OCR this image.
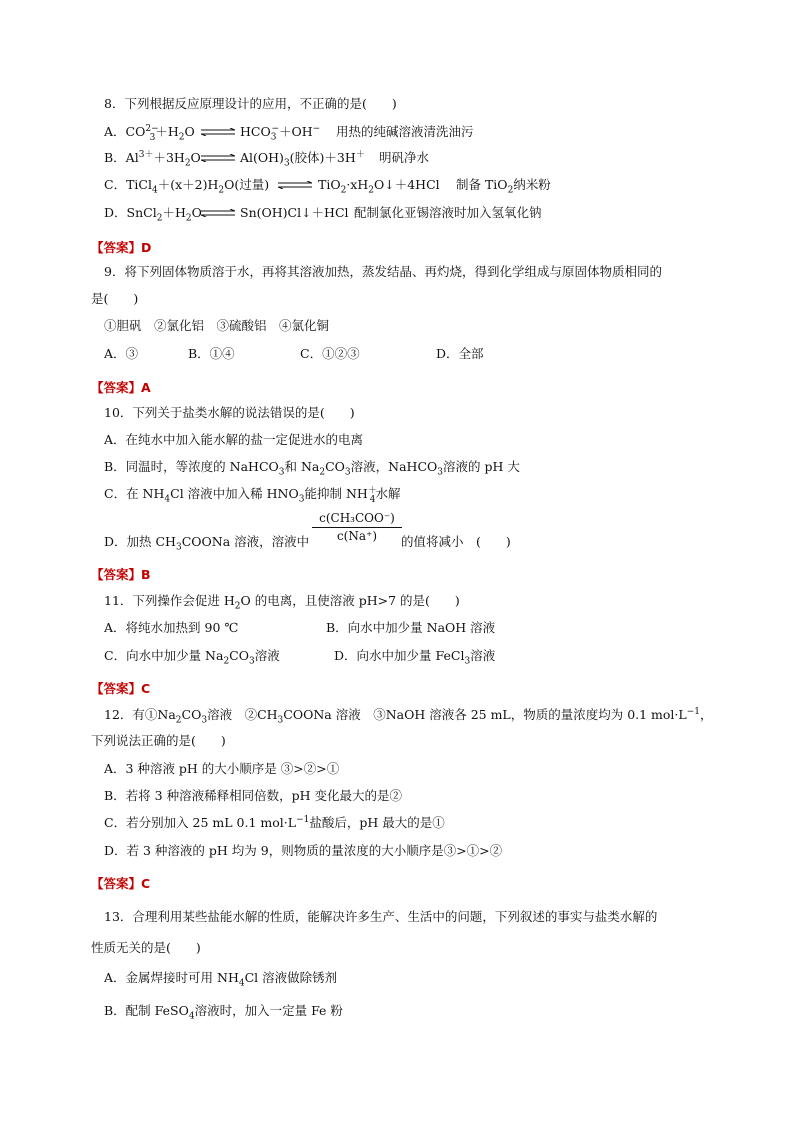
8．下列根据反应原理设计的应用，不正确的是(　　)
A．$CO^{2-}_3+H_2O$ ⇌ $HCO_3^-+OH^-$ 用热的纯碱溶液清洗油污
B．$Al^{3+}+3H_2O$ ⇌ $Al(OH)_3$(胶体)＋3H＋ 明矾净水
C．$TiCl_4+(x+2)H_2O$(过量) ⇌ $TiO_2\cdot xH_2O↓+4HCl$ 制备 TiO$_2$纳米粉
D．$SnCl_2+H_2O$ ⇌ Sn(OH)Cl↓＋HCl 配制氯化亚锡溶液时加入氢氧化钠
【答案】D
9．将下列固体物质溶于水，再将其溶液加热，蒸发结晶、再灼烧，得到化学组成与原固体物质相同的
是(　　)
①胆矾　②氯化铝　③硫酸铝　④氯化铜
A．③	B．①④	C．①②③	D．全部
【答案】A
10．下列关于盐类水解的说法错误的是(　　)
A．在纯水中加入能水解的盐一定促进水的电离
B．同温时，等浓度的 NaHCO$_3$和 $Na_2CO_3$溶液，NaHCO$_3$溶液的 pH 大
C．在 $NH_4Cl$ 溶液中加入稀 $HNO_3$能抑制 $NH^+_4$水解
D．加热 $CH_3COONa$ 溶液，溶液中
c(CH₃COO⁻)
c(Na⁺)	的值将减小　(　　)
【答案】B
11．下列操作会促进 $H_2O$ 的电离，且使溶液 pH>7 的是(　　)
A．将纯水加热到 90 ℃	B．向水中加少量 NaOH 溶液
C．向水中加少量 $Na_2CO_3$溶液	D．向水中加少量 FeCl$_3$溶液
【答案】C
12．有$①Na_2CO_3$溶液　$②CH_3COONa$ 溶液　③NaOH 溶液各 25 mL，物质的量浓度均为 0.1 $mol\cdot L^{-1}$，
下列说法正确的是(　　)
A．3 种溶液 pH 的大小顺序是 ③>②>①
B．若将 3 种溶液稀释相同倍数，pH 变化最大的是②
C．若分别加入 25 mL 0.1 $mol\cdot L^{-1}$盐酸后，pH 最大的是①
D．若 3 种溶液的 pH 均为 9，则物质的量浓度的大小顺序是③>①>②
【答案】C
13．合理利用某些盐能水解的性质，能解决许多生产、生活中的问题，下列叙述的事实与盐类水解的
性质无关的是(　　)
A．金属焊接时可用 $NH_4Cl$ 溶液做除锈剂
B．配制 FeSO$_4$溶液时，加入一定量 Fe 粉
